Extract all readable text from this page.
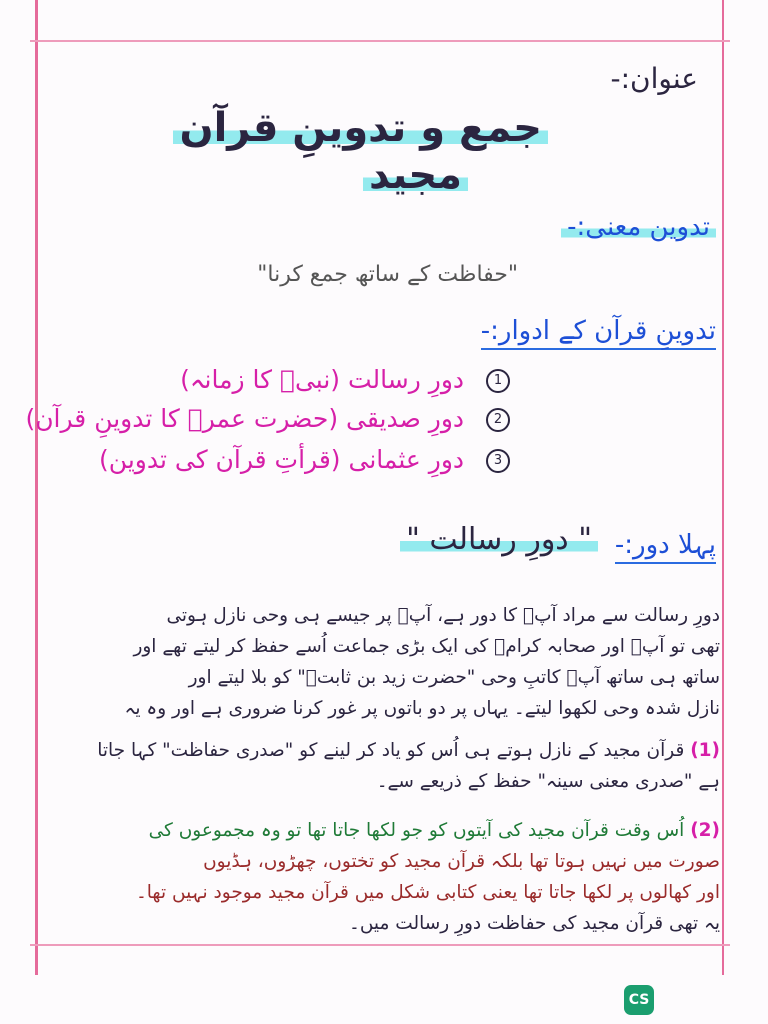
عنوان:-
جمع و تدوینِ قرآن
مجید
تدوین معنی:-
"حفاظت کے ساتھ جمع کرنا"
تدوینِ قرآن کے ادوار:-
1 دورِ رسالت (نبیؐ کا زمانہ)
2 دورِ صدیقی (حضرت عمرؓ کا تدوینِ قرآن)
3 دورِ عثمانی (قرأتِ قرآن کی تدوین)
پہلا دور:-
" دورِ رسالت "
دورِ رسالت سے مراد آپؐ کا دور ہے، آپؐ پر جیسے ہی وحی نازل ہوتی
تھی تو آپؐ اور صحابہ کرامؓ کی ایک بڑی جماعت اُسے حفظ کر لیتے تھے اور
ساتھ ہی ساتھ آپؐ کاتبِ وحی "حضرت زید بن ثابتؓ" کو بلا لیتے اور
نازل شدہ وحی لکھوا لیتے۔ یہاں پر دو باتوں پر غور کرنا ضروری ہے اور وہ یہ
(1) قرآن مجید کے نازل ہوتے ہی اُس کو یاد کر لینے کو "صدری حفاظت" کہا جاتا
ہے "صدری معنی سینہ" حفظ کے ذریعے سے۔
(2) اُس وقت قرآن مجید کی آیتوں کو جو لکھا جاتا تھا تو وہ مجموعوں کی
صورت میں نہیں ہوتا تھا بلکہ قرآن مجید کو تختوں، چھڑوں، ہڈیوں
اور کھالوں پر لکھا جاتا تھا یعنی کتابی شکل میں قرآن مجید موجود نہیں تھا۔
یہ تھی قرآن مجید کی حفاظت دورِ رسالت میں۔
CS
